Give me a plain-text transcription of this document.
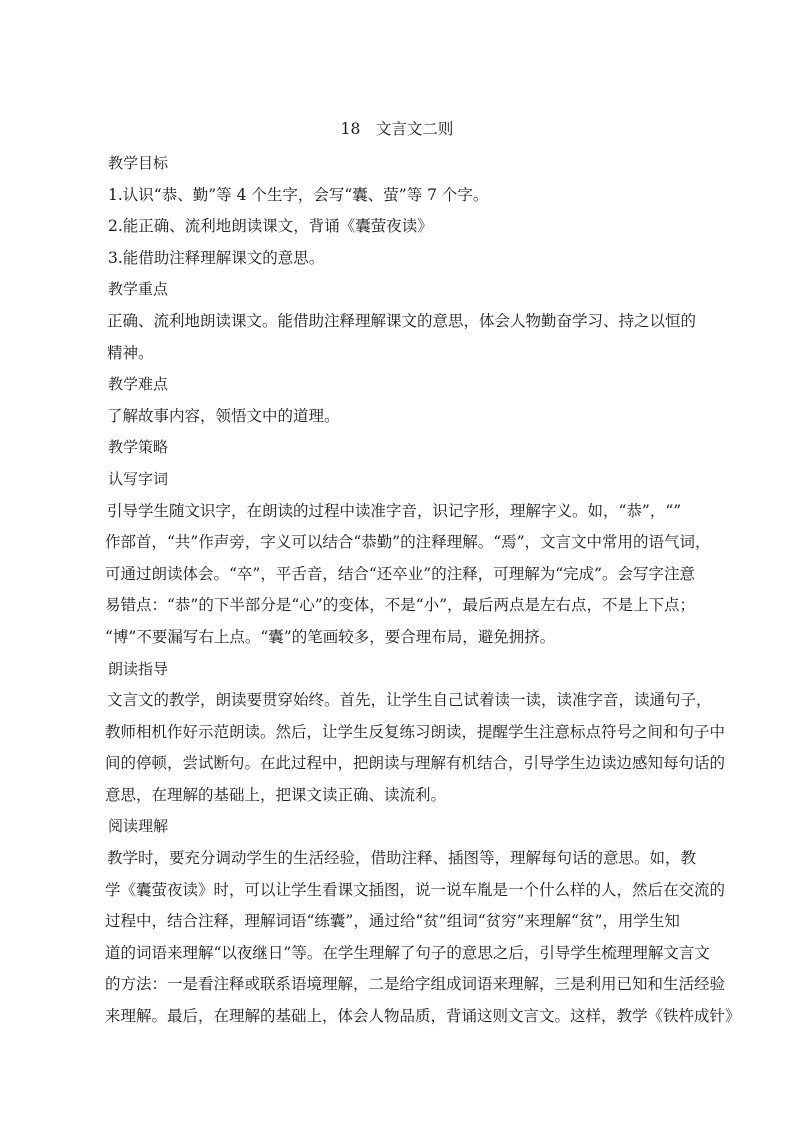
18　文言文二则

教学目标

1.认识“恭、勤”等 4 个生字，会写“囊、萤”等 7 个字。

2.能正确、流利地朗读课文，背诵《囊萤夜读》

3.能借助注释理解课文的意思。

教学重点

正确、流利地朗读课文。能借助注释理解课文的意思，体会人物勤奋学习、持之以恒的
精神。

教学难点

了解故事内容，领悟文中的道理。

教学策略

认写字词

引导学生随文识字，在朗读的过程中读准字音，识记字形，理解字义。如，“恭”，“”
作部首，“共”作声旁，字义可以结合“恭勤”的注释理解。“焉”，文言文中常用的语气词，
可通过朗读体会。“卒”，平舌音，结合“还卒业”的注释，可理解为“完成”。会写字注意
易错点：“恭”的下半部分是“心”的变体，不是“小”，最后两点是左右点，不是上下点；
“博”不要漏写右上点。“囊”的笔画较多，要合理布局，避免拥挤。

朗读指导

文言文的教学，朗读要贯穿始终。首先，让学生自己试着读一读，读准字音，读通句子，
教师相机作好示范朗读。然后，让学生反复练习朗读，提醒学生注意标点符号之间和句子中
间的停顿，尝试断句。在此过程中，把朗读与理解有机结合，引导学生边读边感知每句话的
意思，在理解的基础上，把课文读正确、读流利。

阅读理解

教学时，要充分调动学生的生活经验，借助注释、插图等，理解每句话的意思。如，教
学《囊萤夜读》时，可以让学生看课文插图，说一说车胤是一个什么样的人，然后在交流的
过程中，结合注释，理解词语“练囊”，通过给“贫”组词“贫穷”来理解“贫”，用学生知
道的词语来理解“以夜继日”等。在学生理解了句子的意思之后，引导学生梳理理解文言文
的方法：一是看注释或联系语境理解，二是给字组成词语来理解，三是利用已知和生活经验
来理解。最后，在理解的基础上，体会人物品质，背诵这则文言文。这样，教学《铁杵成针》
